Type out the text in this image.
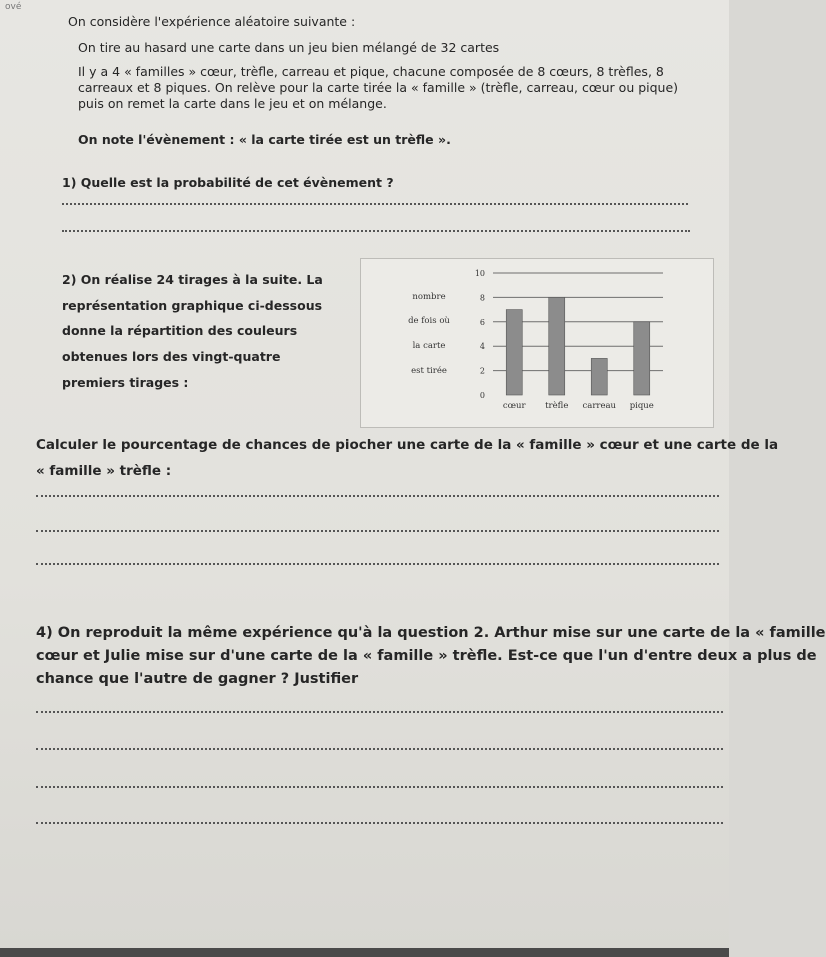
ové
On considère l'expérience aléatoire suivante :
On tire au hasard une carte dans un jeu bien mélangé de 32 cartes
Il y a 4 « familles » cœur, trèfle, carreau et pique, chacune composée de 8 cœurs, 8 trèfles, 8
carreaux et 8 piques. On relève pour la carte tirée la « famille » (trèfle, carreau, cœur ou pique)
puis on remet la carte dans le jeu et on mélange.
On note l'évènement : « la carte tirée est un trèfle ».
1) Quelle est la probabilité de cet évènement ?
2) On réalise 24 tirages à la suite. La
représentation graphique ci-dessous
donne la répartition des couleurs
obtenues lors des vingt-quatre
premiers tirages :
0
2
4
6
8
10
nombre
de fois où
la carte
est tirée
cœur trèfle carreau pique
Calculer le pourcentage de chances de piocher une carte de la « famille » cœur et une carte de la
« famille » trèfle :
4) On reproduit la même expérience qu'à la question 2. Arthur mise sur une carte de la « famille
cœur et Julie mise sur d'une carte de la « famille » trèfle. Est-ce que l'un d'entre deux a plus de
chance que l'autre de gagner ? Justifier
